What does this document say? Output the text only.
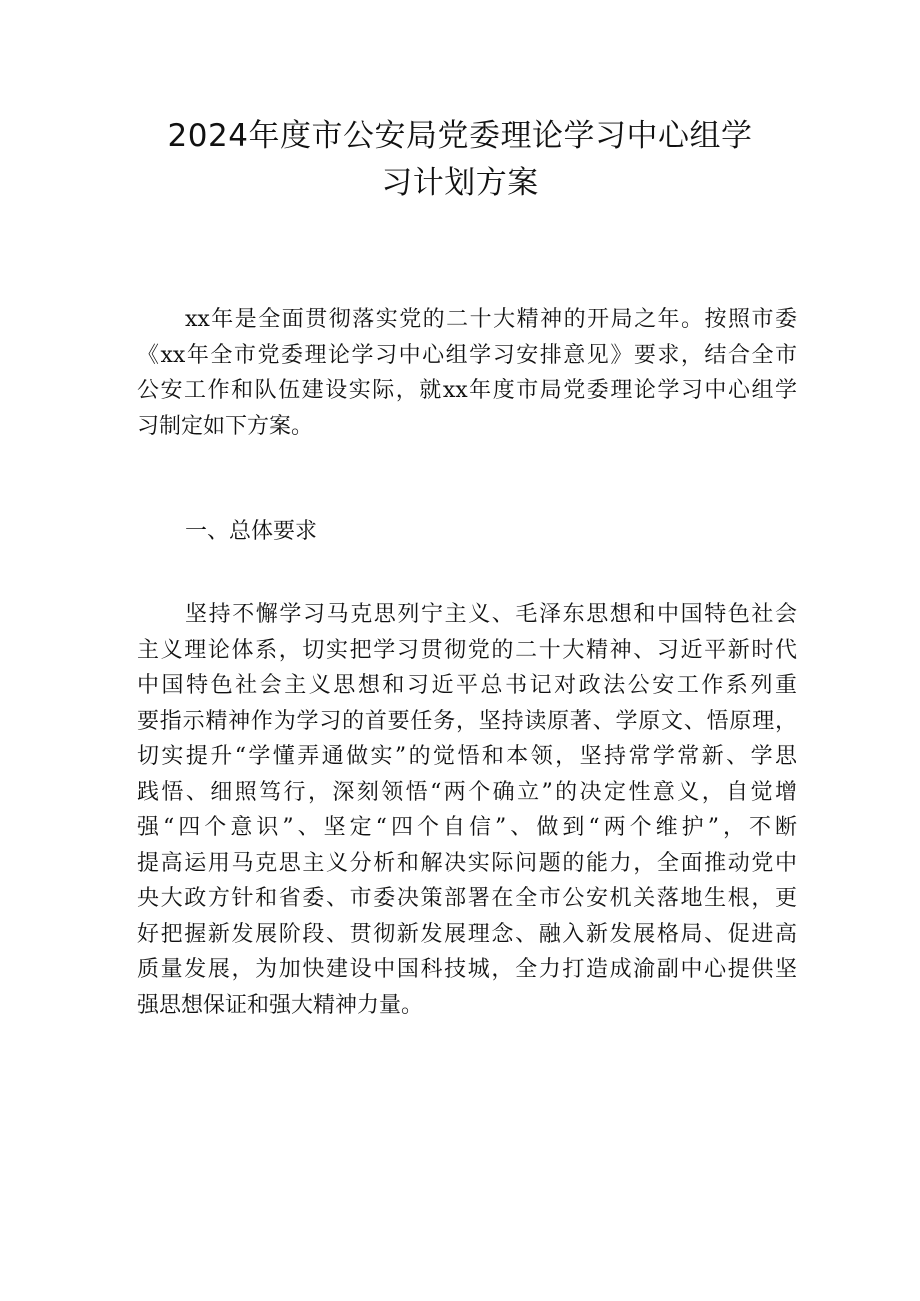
2024年度市公安局党委理论学习中心组学
习计划方案
xx年是全面贯彻落实党的二十大精神的开局之年。按照市委
《xx年全市党委理论学习中心组学习安排意见》要求，结合全市
公安工作和队伍建设实际，就xx年度市局党委理论学习中心组学
习制定如下方案。
一、总体要求
坚持不懈学习马克思列宁主义、毛泽东思想和中国特色社会
主义理论体系，切实把学习贯彻党的二十大精神、习近平新时代
中国特色社会主义思想和习近平总书记对政法公安工作系列重
要指示精神作为学习的首要任务，坚持读原著、学原文、悟原理，
切实提升“学懂弄通做实”的觉悟和本领，坚持常学常新、学思
践悟、细照笃行，深刻领悟“两个确立”的决定性意义，自觉增
强“四个意识”、坚定“四个自信”、做到“两个维护”，不断
提高运用马克思主义分析和解决实际问题的能力，全面推动党中
央大政方针和省委、市委决策部署在全市公安机关落地生根，更
好把握新发展阶段、贯彻新发展理念、融入新发展格局、促进高
质量发展，为加快建设中国科技城，全力打造成渝副中心提供坚
强思想保证和强大精神力量。
